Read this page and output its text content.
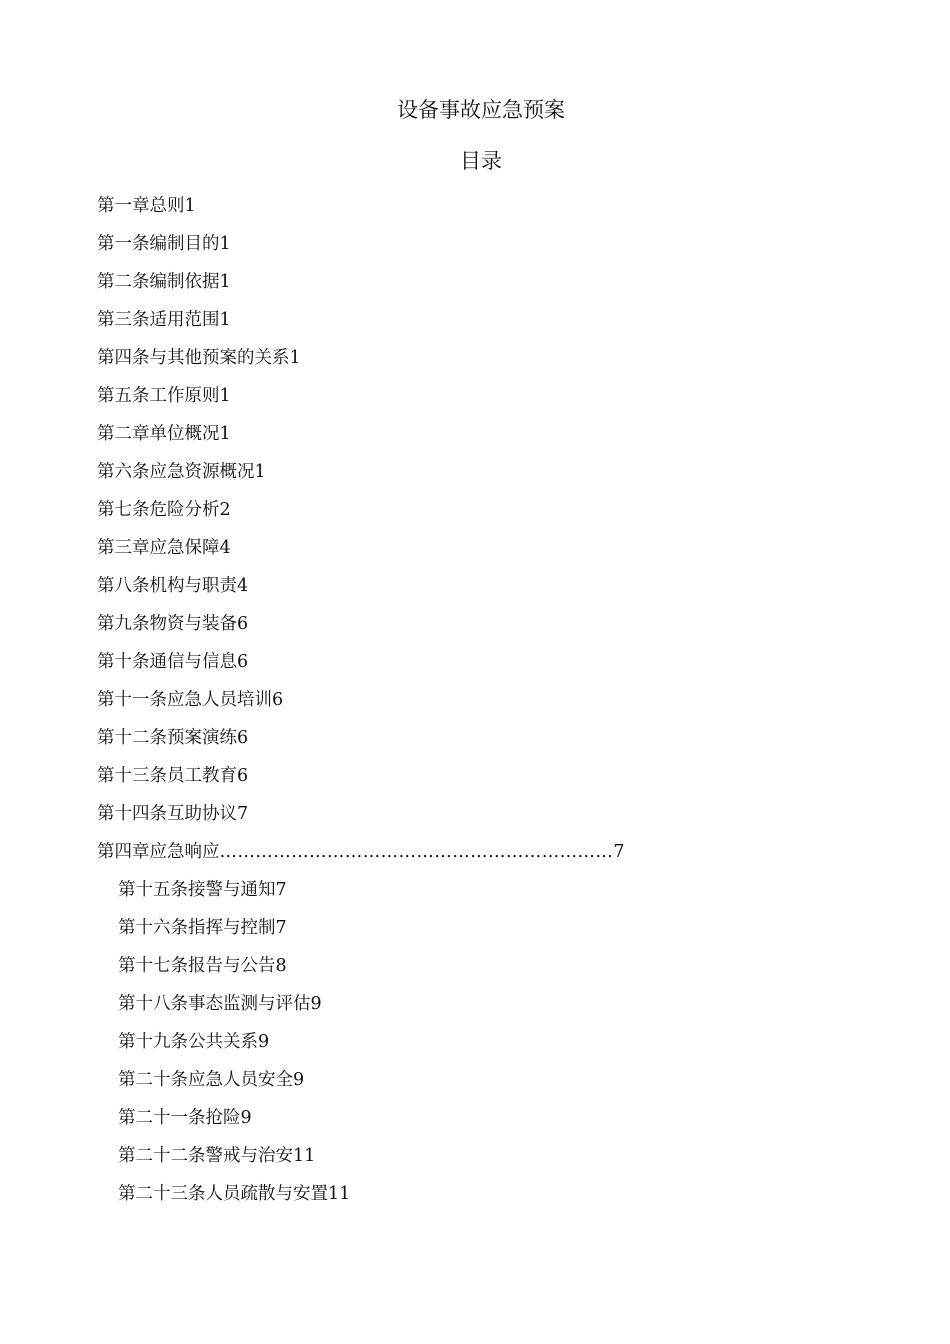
设备事故应急预案
目录
第一章总则1
第一条编制目的1
第二条编制依据1
第三条适用范围1
第四条与其他预案的关系1
第五条工作原则1
第二章单位概况1
第六条应急资源概况1
第七条危险分析2
第三章应急保障4
第八条机构与职责4
第九条物资与装备6
第十条通信与信息6
第十一条应急人员培训6
第十二条预案演练6
第十三条员工教育6
第十四条互助协议7
第四章应急响应…………………………………………………………7
第十五条接警与通知7
第十六条指挥与控制7
第十七条报告与公告8
第十八条事态监测与评估9
第十九条公共关系9
第二十条应急人员安全9
第二十一条抢险9
第二十二条警戒与治安11
第二十三条人员疏散与安置11
